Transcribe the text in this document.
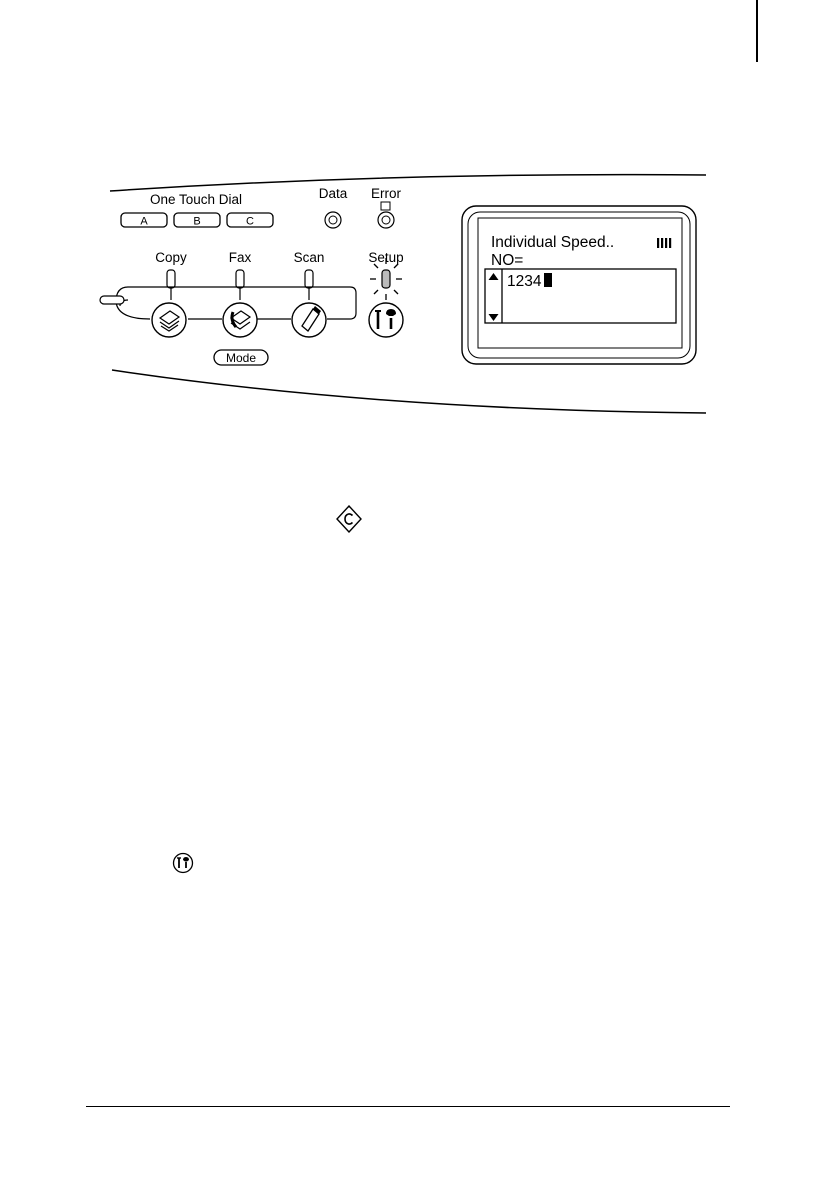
One Touch Dial
A	B	C
Data Error
Copy	Fax	Scan	Setup
Mode
Individual Speed..
NO=
1234
